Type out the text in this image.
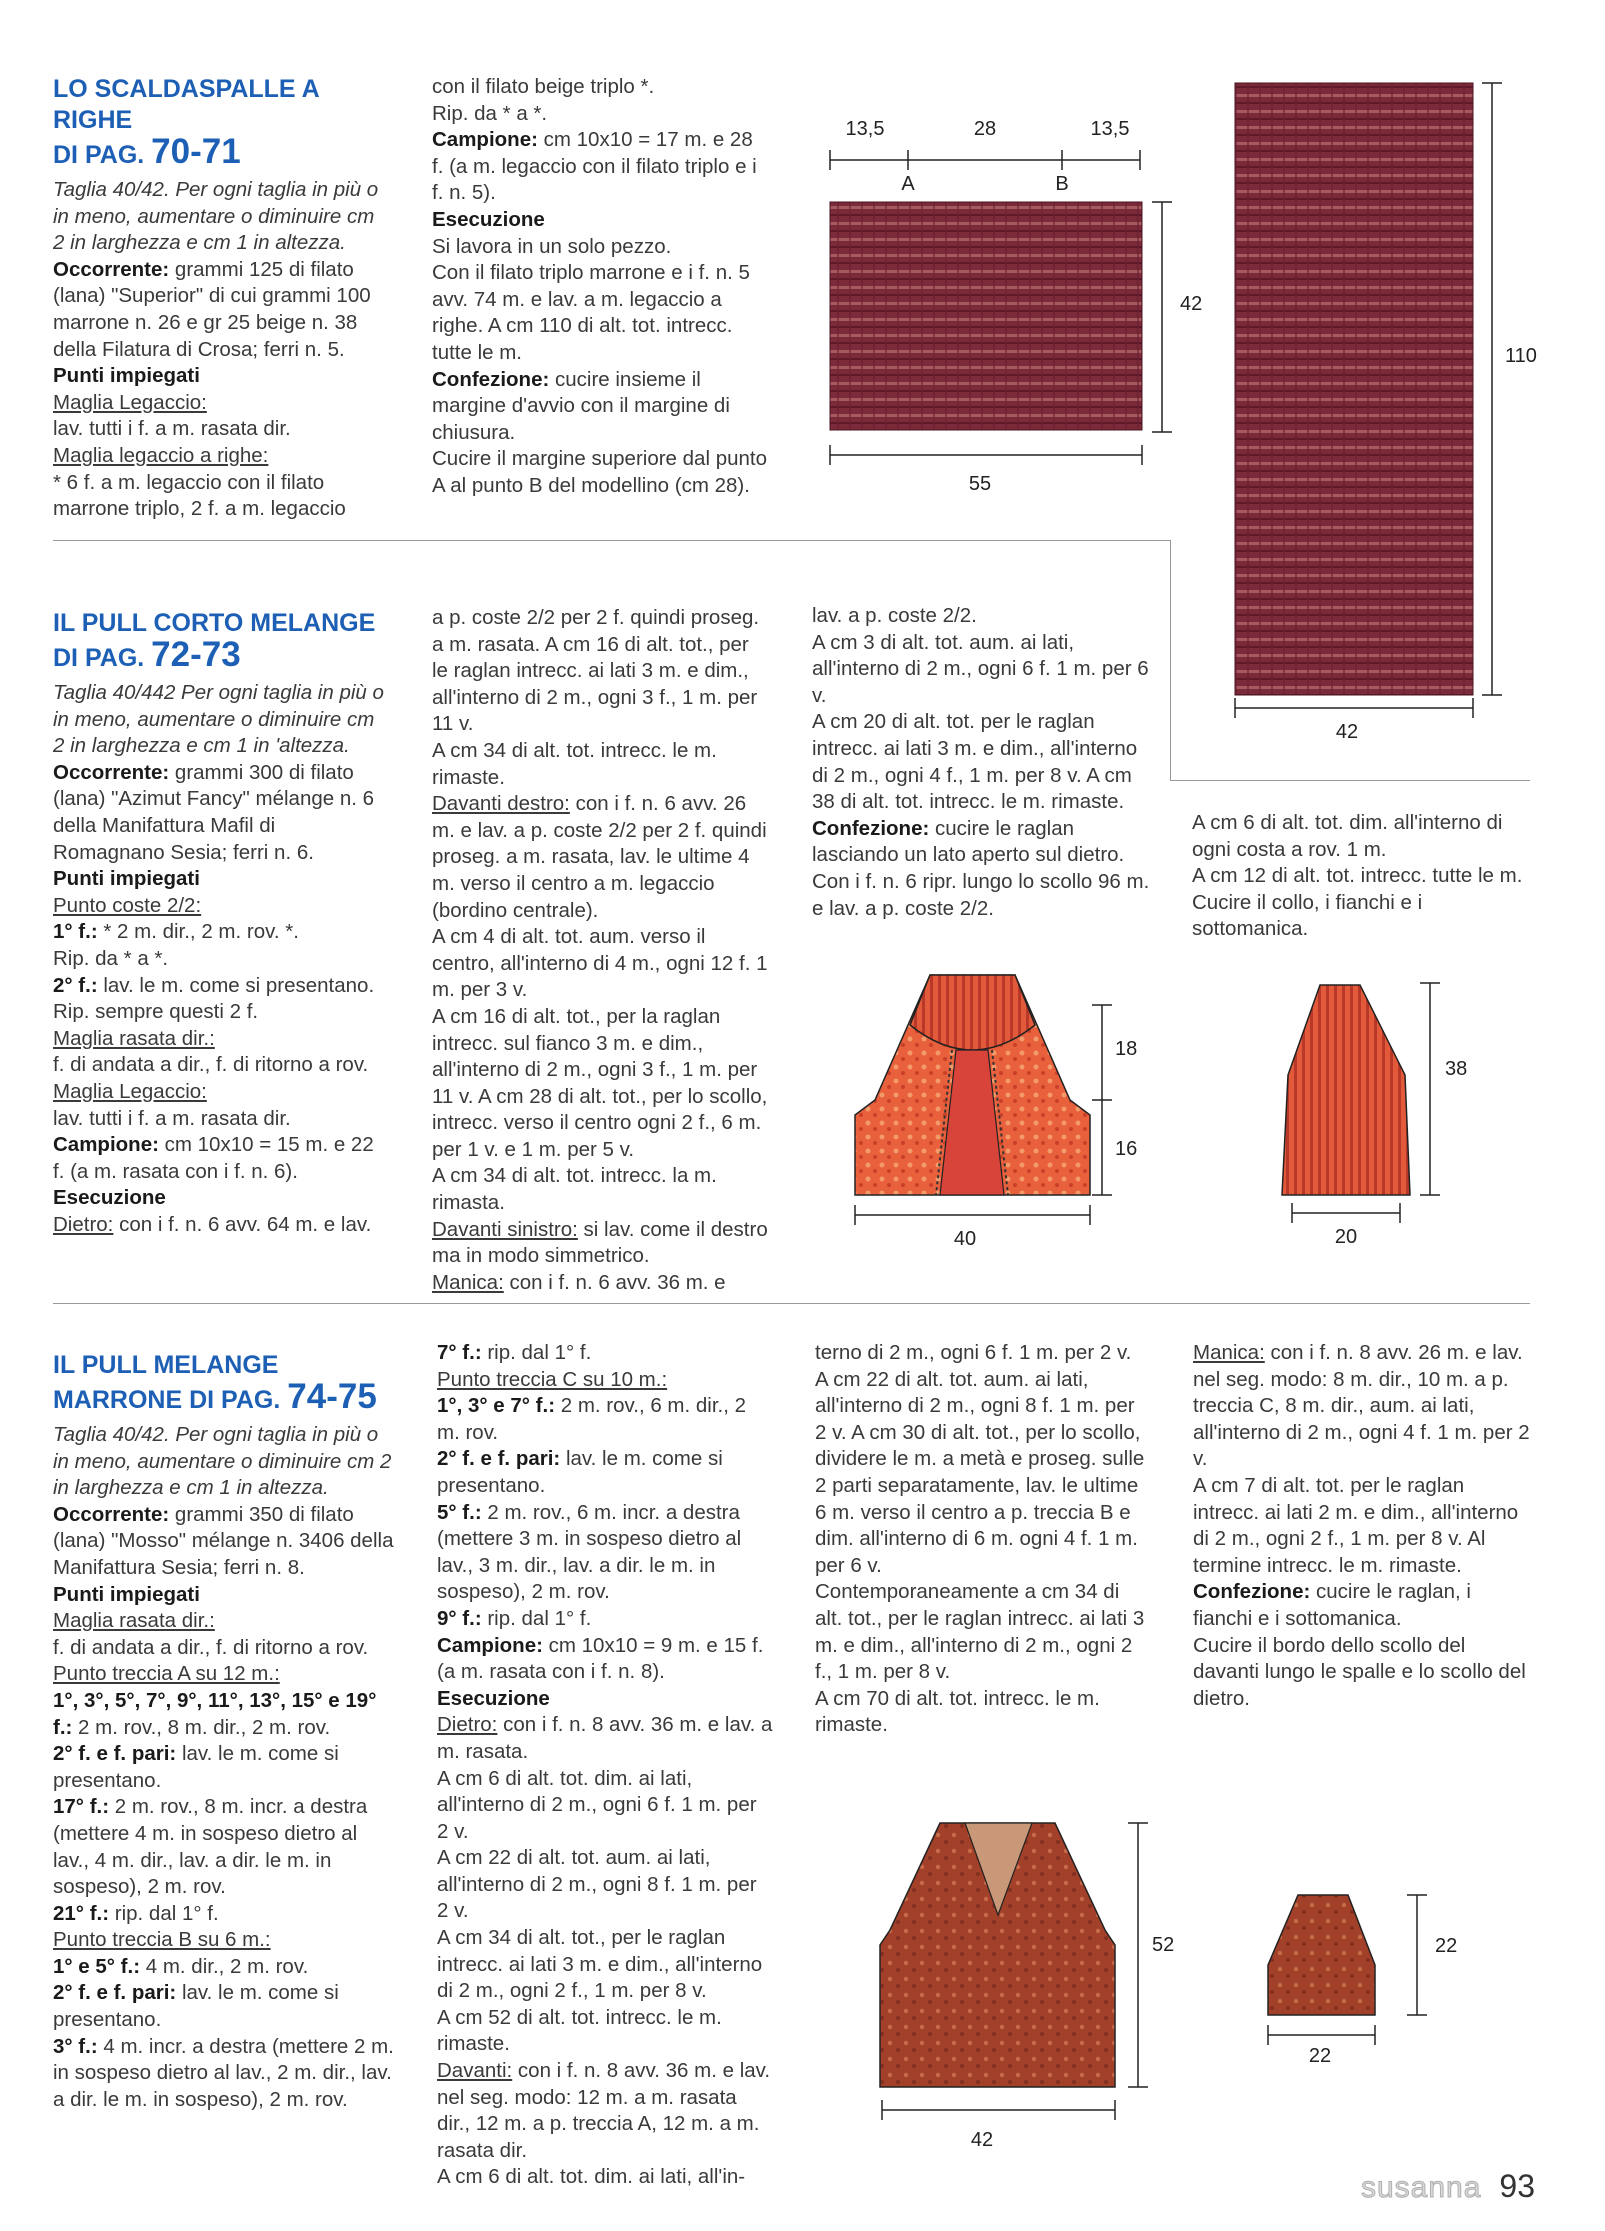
LO SCALDASPALLE A RIGHE
DI PAG. 70-71

Taglia 40/42. Per ogni taglia in più o in meno, aumentare o diminuire cm 2 in larghezza e cm 1 in altezza.

Occorrente: grammi 125 di filato (lana) "Superior" di cui grammi 100 marrone n. 26 e gr 25 beige n. 38 della Filatura di Crosa; ferri n. 5.

Punti impiegati

Maglia Legaccio:

lav. tutti i f. a m. rasata dir.

Maglia legaccio a righe:

* 6 f. a m. legaccio con il filato marrone triplo, 2 f. a m. legaccio

con il filato beige triplo *.

Rip. da * a *.

Campione: cm 10x10 = 17 m. e 28 f. (a m. legaccio con il filato triplo e i f. n. 5).

Esecuzione

Si lavora in un solo pezzo.

Con il filato triplo marrone e i f. n. 5 avv. 74 m. e lav. a m. legaccio a righe. A cm 110 di alt. tot. intrecc. tutte le m.

Confezione: cucire insieme il margine d'avvio con il margine di chiusura.

Cucire il margine superiore dal punto A al punto B del modellino (cm 28).

13,5	28	13,5
A	B
42
55
110
42
IL PULL CORTO MELANGE
DI PAG. 72-73

Taglia 40/442 Per ogni taglia in più o in meno, aumentare o diminuire cm 2 in larghezza e cm 1 in 'altezza.

Occorrente: grammi 300 di filato (lana) "Azimut Fancy" mélange n. 6 della Manifattura Mafil di Romagnano Sesia; ferri n. 6.

Punti impiegati

Punto coste 2/2:

1° f.: * 2 m. dir., 2 m. rov. *.

Rip. da * a *.

2° f.: lav. le m. come si presentano. Rip. sempre questi 2 f.

Maglia rasata dir.:

f. di andata a dir., f. di ritorno a rov.

Maglia Legaccio:

lav. tutti i f. a m. rasata dir.

Campione: cm 10x10 = 15 m. e 22 f. (a m. rasata con i f. n. 6).

Esecuzione

Dietro: con i f. n. 6 avv. 64 m. e lav.

a p. coste 2/2 per 2 f. quindi proseg. a m. rasata. A cm 16 di alt. tot., per le raglan intrecc. ai lati 3 m. e dim., all'interno di 2 m., ogni 3 f., 1 m. per 11 v.

A cm 34 di alt. tot. intrecc. le m. rimaste.

Davanti destro: con i f. n. 6 avv. 26 m. e lav. a p. coste 2/2 per 2 f. quindi proseg. a m. rasata, lav. le ultime 4 m. verso il centro a m. legaccio (bordino centrale).

A cm 4 di alt. tot. aum. verso il centro, all'interno di 4 m., ogni 12 f. 1 m. per 3 v.

A cm 16 di alt. tot., per la raglan intrecc. sul fianco 3 m. e dim., all'interno di 2 m., ogni 3 f., 1 m. per 11 v. A cm 28 di alt. tot., per lo scollo, intrecc. verso il centro ogni 2 f., 6 m. per 1 v. e 1 m. per 5 v.

A cm 34 di alt. tot. intrecc. la m. rimasta.

Davanti sinistro: si lav. come il destro ma in modo simmetrico.

Manica: con i f. n. 6 avv. 36 m. e

lav. a p. coste 2/2.

A cm 3 di alt. tot. aum. ai lati, all'interno di 2 m., ogni 6 f. 1 m. per 6 v.

A cm 20 di alt. tot. per le raglan intrecc. ai lati 3 m. e dim., all'interno di 2 m., ogni 4 f., 1 m. per 8 v. A cm 38 di alt. tot. intrecc. le m. rimaste.

Confezione: cucire le raglan lasciando un lato aperto sul dietro. Con i f. n. 6 ripr. lungo lo scollo 96 m. e lav. a p. coste 2/2.

A cm 6 di alt. tot. dim. all'interno di ogni costa a rov. 1 m.

A cm 12 di alt. tot. intrecc. tutte le m. Cucire il collo, i fianchi e i sottomanica.

18
16
40
38
20
IL PULL MELANGE
MARRONE DI PAG. 74-75

Taglia 40/42. Per ogni taglia in più o in meno, aumentare o diminuire cm 2 in larghezza e cm 1 in altezza.

Occorrente: grammi 350 di filato (lana) "Mosso" mélange n. 3406 della Manifattura Sesia; ferri n. 8.

Punti impiegati

Maglia rasata dir.:

f. di andata a dir., f. di ritorno a rov.

Punto treccia A su 12 m.:

1°, 3°, 5°, 7°, 9°, 11°, 13°, 15° e 19° f.: 2 m. rov., 8 m. dir., 2 m. rov.

2° f. e f. pari: lav. le m. come si presentano.

17° f.: 2 m. rov., 8 m. incr. a destra (mettere 4 m. in sospeso dietro al lav., 4 m. dir., lav. a dir. le m. in sospeso), 2 m. rov.

21° f.: rip. dal 1° f.

Punto treccia B su 6 m.:

1° e 5° f.: 4 m. dir., 2 m. rov.

2° f. e f. pari: lav. le m. come si presentano.

3° f.: 4 m. incr. a destra (mettere 2 m. in sospeso dietro al lav., 2 m. dir., lav. a dir. le m. in sospeso), 2 m. rov.

7° f.: rip. dal 1° f.

Punto treccia C su 10 m.:

1°, 3° e 7° f.: 2 m. rov., 6 m. dir., 2 m. rov.

2° f. e f. pari: lav. le m. come si presentano.

5° f.: 2 m. rov., 6 m. incr. a destra (mettere 3 m. in sospeso dietro al lav., 3 m. dir., lav. a dir. le m. in sospeso), 2 m. rov.

9° f.: rip. dal 1° f.

Campione: cm 10x10 = 9 m. e 15 f. (a m. rasata con i f. n. 8).

Esecuzione

Dietro: con i f. n. 8 avv. 36 m. e lav. a m. rasata.

A cm 6 di alt. tot. dim. ai lati, all'interno di 2 m., ogni 6 f. 1 m. per 2 v.

A cm 22 di alt. tot. aum. ai lati, all'interno di 2 m., ogni 8 f. 1 m. per 2 v.

A cm 34 di alt. tot., per le raglan intrecc. ai lati 3 m. e dim., all'interno di 2 m., ogni 2 f., 1 m. per 8 v.

A cm 52 di alt. tot. intrecc. le m. rimaste.

Davanti: con i f. n. 8 avv. 36 m. e lav. nel seg. modo: 12 m. a m. rasata dir., 12 m. a p. treccia A, 12 m. a m. rasata dir.

A cm 6 di alt. tot. dim. ai lati, all'in-

terno di 2 m., ogni 6 f. 1 m. per 2 v.

A cm 22 di alt. tot. aum. ai lati, all'interno di 2 m., ogni 8 f. 1 m. per 2 v. A cm 30 di alt. tot., per lo scollo, dividere le m. a metà e proseg. sulle 2 parti separatamente, lav. le ultime 6 m. verso il centro a p. treccia B e dim. all'interno di 6 m. ogni 4 f. 1 m. per 6 v.

Contemporaneamente a cm 34 di alt. tot., per le raglan intrecc. ai lati 3 m. e dim., all'interno di 2 m., ogni 2 f., 1 m. per 8 v.

A cm 70 di alt. tot. intrecc. le m. rimaste.

Manica: con i f. n. 8 avv. 26 m. e lav. nel seg. modo: 8 m. dir., 10 m. a p. treccia C, 8 m. dir., aum. ai lati, all'interno di 2 m., ogni 4 f. 1 m. per 2 v.

A cm 7 di alt. tot. per le raglan intrecc. ai lati 2 m. e dim., all'interno di 2 m., ogni 2 f., 1 m. per 8 v. Al termine intrecc. le m. rimaste.

Confezione: cucire le raglan, i fianchi e i sottomanica.

Cucire il bordo dello scollo del davanti lungo le spalle e lo scollo del dietro.

52
42
22
22
susanna 93
